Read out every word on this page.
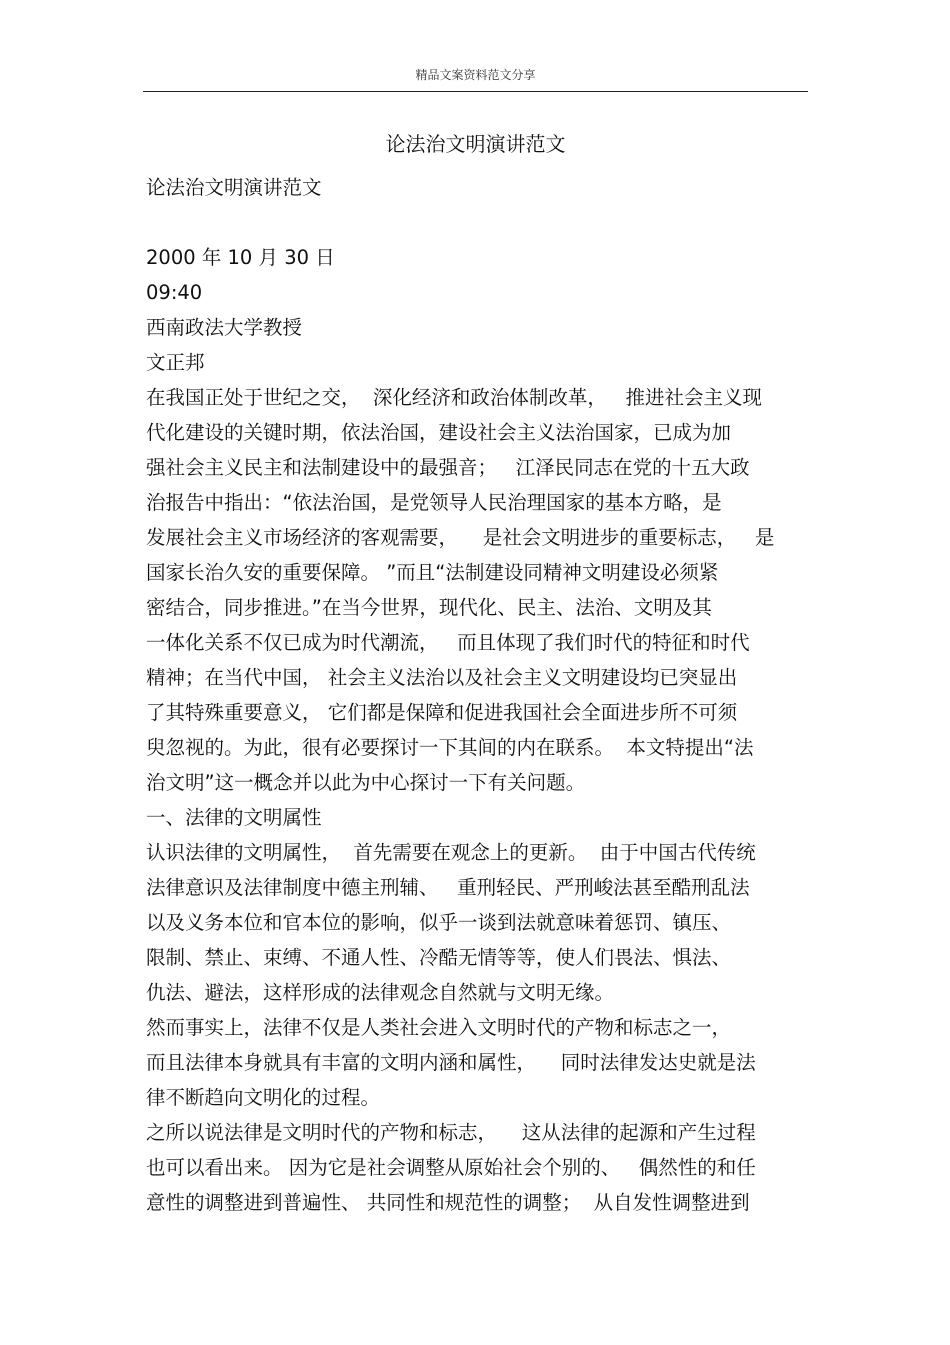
精品文案资料范文分享
论法治文明演讲范文
论法治文明演讲范文
2000 年 10 月 30 日
09:40
西南政法大学教授
文正邦
在我国正处于世纪之交，  深化经济和政治体制改革，   推进社会主义现
代化建设的关键时期，依法治国，建设社会主义法治国家，已成为加
强社会主义民主和法制建设中的最强音；   江泽民同志在党的十五大政
治报告中指出：“依法治国，是党领导人民治理国家的基本方略，是
发展社会主义市场经济的客观需要，    是社会文明进步的重要标志，   是
国家长治久安的重要保障。 ”而且“法制建设同精神文明建设必须紧
密结合，同步推进。”在当今世界，现代化、民主、法治、文明及其
一体化关系不仅已成为时代潮流，   而且体现了我们时代的特征和时代
精神；在当代中国， 社会主义法治以及社会主义文明建设均已突显出
了其特殊重要意义， 它们都是保障和促进我国社会全面进步所不可须
臾忽视的。为此，很有必要探讨一下其间的内在联系。  本文特提出“法
治文明”这一概念并以此为中心探讨一下有关问题。
一、法律的文明属性
认识法律的文明属性，  首先需要在观念上的更新。  由于中国古代传统
法律意识及法律制度中德主刑辅、   重刑轻民、严刑峻法甚至酷刑乱法
以及义务本位和官本位的影响，似乎一谈到法就意味着惩罚、镇压、
限制、禁止、束缚、不通人性、冷酷无情等等，使人们畏法、惧法、
仇法、避法，这样形成的法律观念自然就与文明无缘。
然而事实上，法律不仅是人类社会进入文明时代的产物和标志之一，
而且法律本身就具有丰富的文明内涵和属性，    同时法律发达史就是法
律不断趋向文明化的过程。
之所以说法律是文明时代的产物和标志，    这从法律的起源和产生过程
也可以看出来。 因为它是社会调整从原始社会个别的、   偶然性的和任
意性的调整进到普遍性、 共同性和规范性的调整；  从自发性调整进到
